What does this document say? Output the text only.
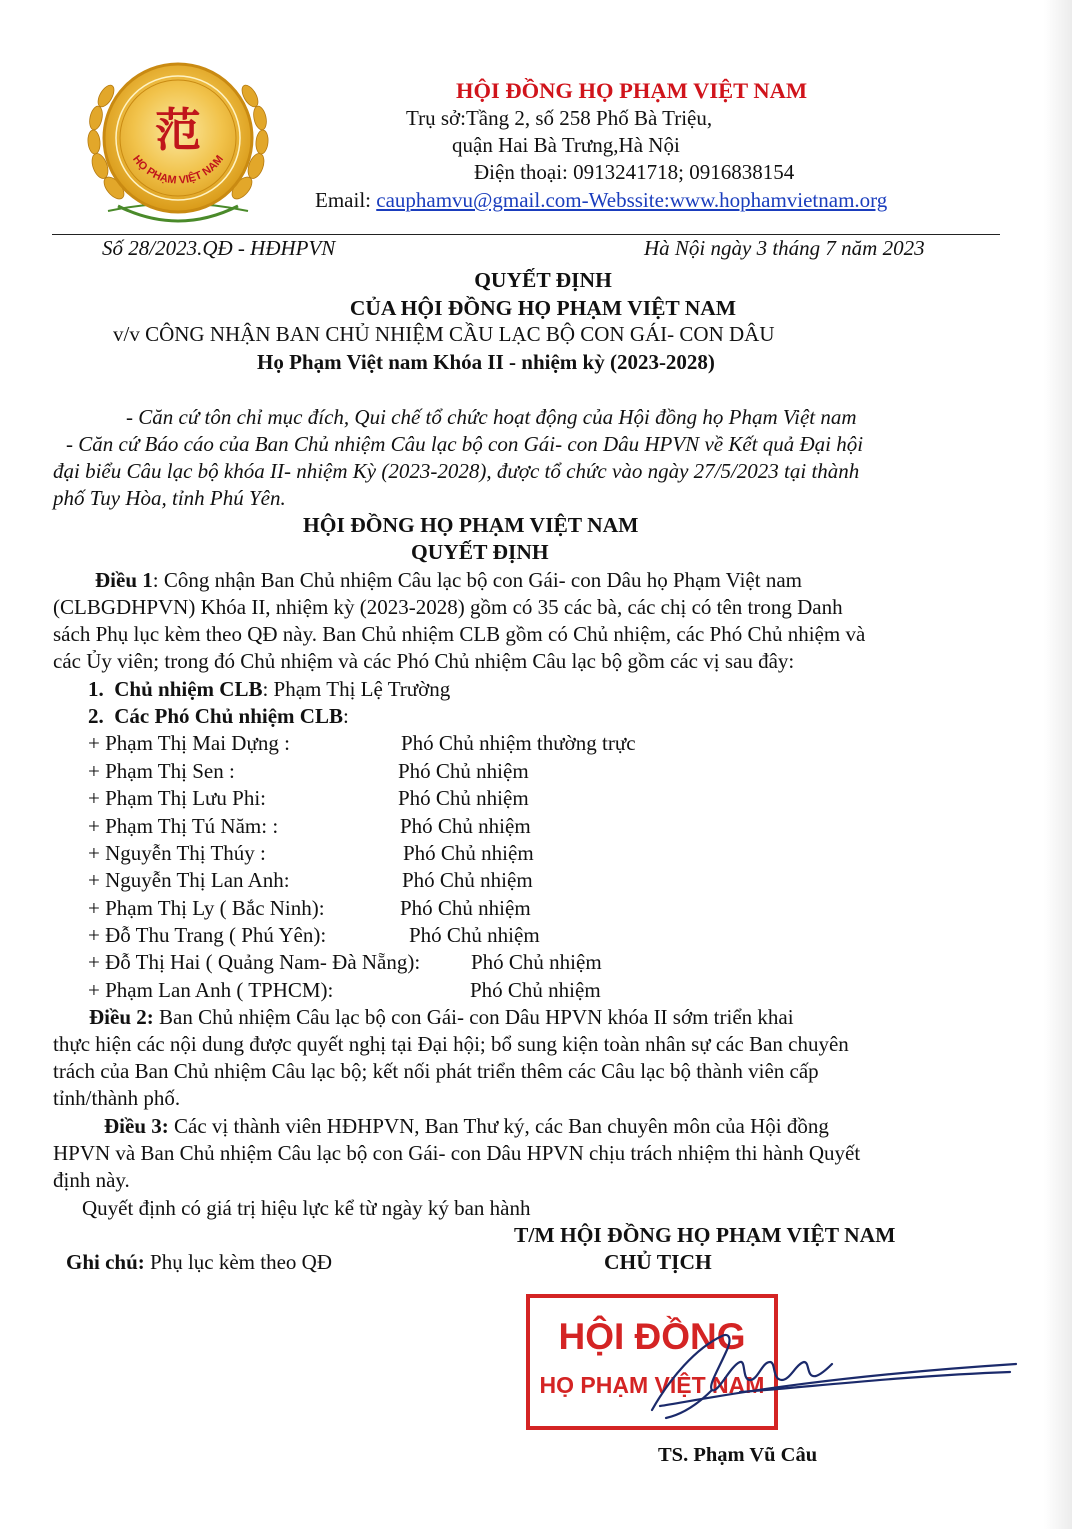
HỌ PHẠM VIỆT NAM
范
HỘI ĐỒNG HỌ PHẠM VIỆT NAM
Trụ sở:Tầng 2, số 258 Phố Bà Triệu,
quận Hai Bà Trưng,Hà Nội
Điện thoại: 0913241718; 0916838154
Email: cauphamvu@gmail.com-Webssite:www.hophamvietnam.org
Số 28/2023.QĐ - HĐHPVN	Hà Nội ngày 3 tháng 7 năm 2023
QUYẾT ĐỊNH
CỦA HỘI ĐỒNG HỌ PHẠM VIỆT NAM
v/v CÔNG NHẬN BAN CHỦ NHIỆM CẦU LẠC BỘ CON GÁI- CON DÂU
Họ Phạm Việt nam Khóa II - nhiệm kỳ (2023-2028)
- Căn cứ tôn chỉ mục đích, Qui chế tổ chức hoạt động của Hội đồng họ Phạm Việt nam
- Căn cứ Báo cáo của Ban Chủ nhiệm Câu lạc bộ con Gái- con Dâu HPVN về Kết quả Đại hội
đại biểu Câu lạc bộ khóa II- nhiệm Kỳ (2023-2028), được tổ chức vào ngày 27/5/2023 tại thành
phố Tuy Hòa, tỉnh Phú Yên.
HỘI ĐỒNG HỌ PHẠM VIỆT NAM
QUYẾT ĐỊNH
Điều 1: Công nhận Ban Chủ nhiệm Câu lạc bộ con Gái- con Dâu họ Phạm Việt nam
(CLBGDHPVN) Khóa II, nhiệm kỳ (2023-2028) gồm có 35 các bà, các chị có tên trong Danh
sách Phụ lục kèm theo QĐ này. Ban Chủ nhiệm CLB gồm có Chủ nhiệm, các Phó Chủ nhiệm và
các Ủy viên; trong đó Chủ nhiệm và các Phó Chủ nhiệm Câu lạc bộ gồm các vị sau đây:
1. Chủ nhiệm CLB: Phạm Thị Lệ Trường
2. Các Phó Chủ nhiệm CLB:
+ Phạm Thị Mai Dựng :	Phó Chủ nhiệm thường trực
+ Phạm Thị Sen :	Phó Chủ nhiệm
+ Phạm Thị Lưu Phi:	Phó Chủ nhiệm
+ Phạm Thị Tú Năm: :	Phó Chủ nhiệm
+ Nguyễn Thị Thúy :	Phó Chủ nhiệm
+ Nguyễn Thị Lan Anh:	Phó Chủ nhiệm
+ Phạm Thị Ly ( Bắc Ninh):	Phó Chủ nhiệm
+ Đỗ Thu Trang ( Phú Yên):	Phó Chủ nhiệm
+ Đỗ Thị Hai ( Quảng Nam- Đà Nẵng): Phó Chủ nhiệm
+ Phạm Lan Anh ( TPHCM):	Phó Chủ nhiệm
Điều 2: Ban Chủ nhiệm Câu lạc bộ con Gái- con Dâu HPVN khóa II sớm triển khai
thực hiện các nội dung được quyết nghị tại Đại hội; bổ sung kiện toàn nhân sự các Ban chuyên
trách của Ban Chủ nhiệm Câu lạc bộ; kết nối phát triển thêm các Câu lạc bộ thành viên cấp
tỉnh/thành phố.
Điều 3: Các vị thành viên HĐHPVN, Ban Thư ký, các Ban chuyên môn của Hội đồng
HPVN và Ban Chủ nhiệm Câu lạc bộ con Gái- con Dâu HPVN chịu trách nhiệm thi hành Quyết
định này.
Quyết định có giá trị hiệu lực kể từ ngày ký ban hành
T/M HỘI ĐỒNG HỌ PHẠM VIỆT NAM
CHỦ TỊCH
Ghi chú: Phụ lục kèm theo QĐ
HỘI ĐỒNG
HỌ PHẠM VIỆT NAM
TS. Phạm Vũ Câu
